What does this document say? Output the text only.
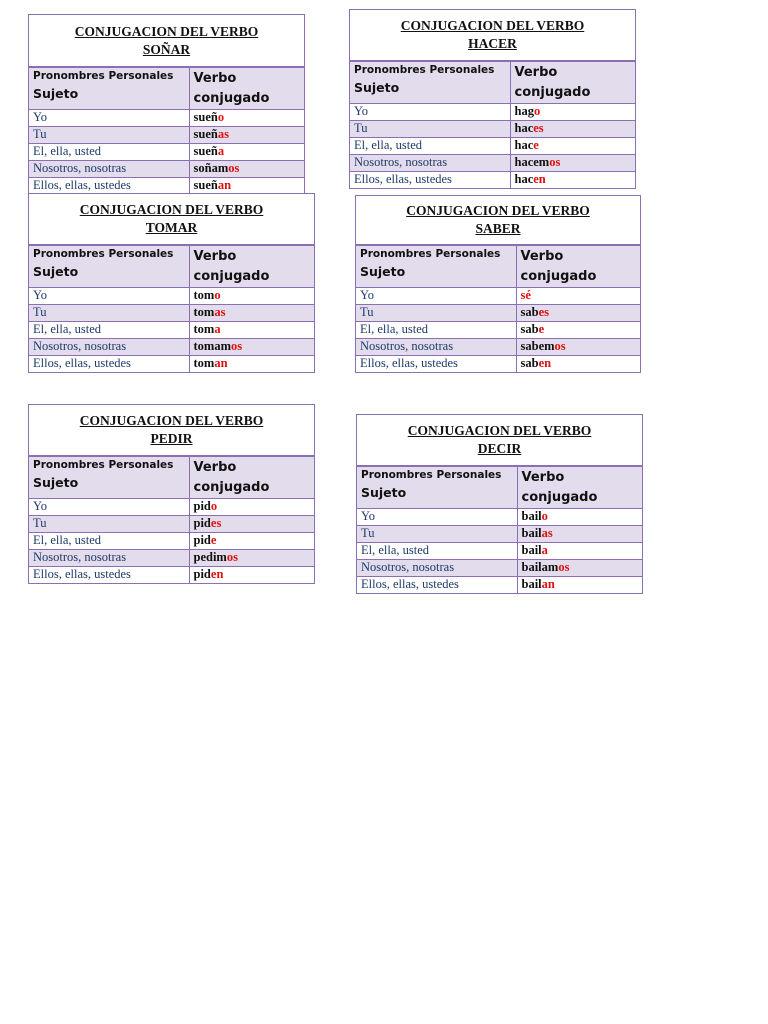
CONJUGACION DEL VERBO
SOÑAR
Pronombres Personales
Sujeto	Verbo
conjugado

Yo	sueño
Tu	sueñas
El, ella, usted	sueña
Nosotros, nosotras	soñamos
Ellos, ellas, ustedes	sueñan
CONJUGACION DEL VERBO
HACER
Pronombres Personales
Sujeto	Verbo
conjugado

Yo	hago
Tu	haces
El, ella, usted	hace
Nosotros, nosotras	hacemos
Ellos, ellas, ustedes	hacen
CONJUGACION DEL VERBO
TOMAR
Pronombres Personales
Sujeto	Verbo
conjugado

Yo	tomo
Tu	tomas
El, ella, usted	toma
Nosotros, nosotras	tomamos
Ellos, ellas, ustedes	toman
CONJUGACION DEL VERBO
SABER
Pronombres Personales
Sujeto	Verbo
conjugado

Yo	sé
Tu	sabes
El, ella, usted	sabe
Nosotros, nosotras	sabemos
Ellos, ellas, ustedes	saben
CONJUGACION DEL VERBO
PEDIR
Pronombres Personales
Sujeto	Verbo
conjugado

Yo	pido
Tu	pides
El, ella, usted	pide
Nosotros, nosotras	pedimos
Ellos, ellas, ustedes	piden
CONJUGACION DEL VERBO
DECIR
Pronombres Personales
Sujeto	Verbo
conjugado

Yo	bailo
Tu	bailas
El, ella, usted	baila
Nosotros, nosotras	bailamos
Ellos, ellas, ustedes	bailan
